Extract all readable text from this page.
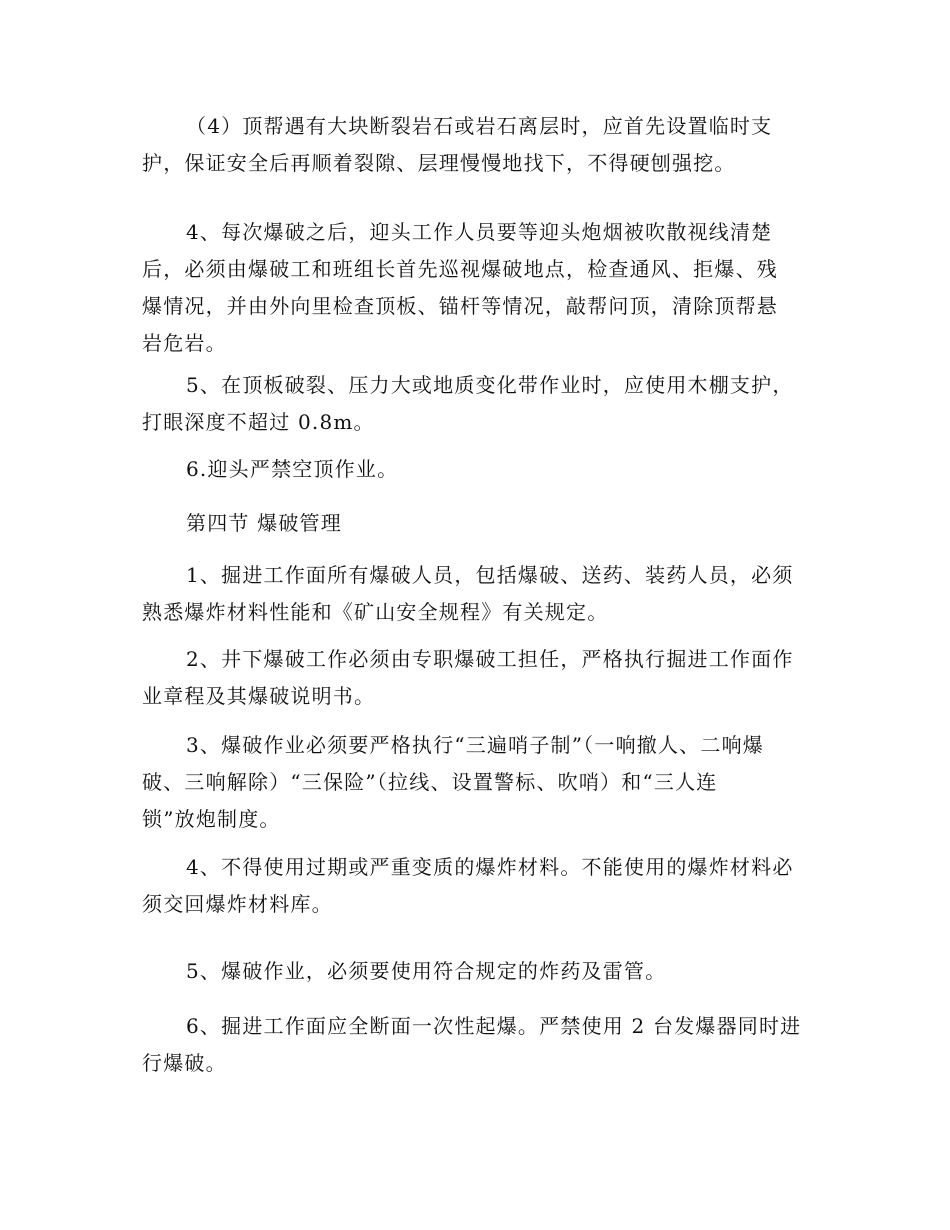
（4）顶帮遇有大块断裂岩石或岩石离层时，应首先设置临时支
护，保证安全后再顺着裂隙、层理慢慢地找下，不得硬刨强挖。
4、每次爆破之后，迎头工作人员要等迎头炮烟被吹散视线清楚
后，必须由爆破工和班组长首先巡视爆破地点，检查通风、拒爆、残
爆情况，并由外向里检查顶板、锚杆等情况，敲帮问顶，清除顶帮悬
岩危岩。
5、在顶板破裂、压力大或地质变化带作业时，应使用木棚支护，
打眼深度不超过 0.8m。
6.迎头严禁空顶作业。
第四节 爆破管理
1、掘进工作面所有爆破人员，包括爆破、送药、装药人员，必须
熟悉爆炸材料性能和《矿山安全规程》有关规定。
2、井下爆破工作必须由专职爆破工担任，严格执行掘进工作面作
业章程及其爆破说明书。
3、爆破作业必须要严格执行“三遍哨子制”（一响撤人、二响爆
破、三响解除）“三保险”（拉线、设置警标、吹哨）和“三人连
锁”放炮制度。
4、不得使用过期或严重变质的爆炸材料。不能使用的爆炸材料必
须交回爆炸材料库。
5、爆破作业，必须要使用符合规定的炸药及雷管。
6、掘进工作面应全断面一次性起爆。严禁使用 2 台发爆器同时进
行爆破。
